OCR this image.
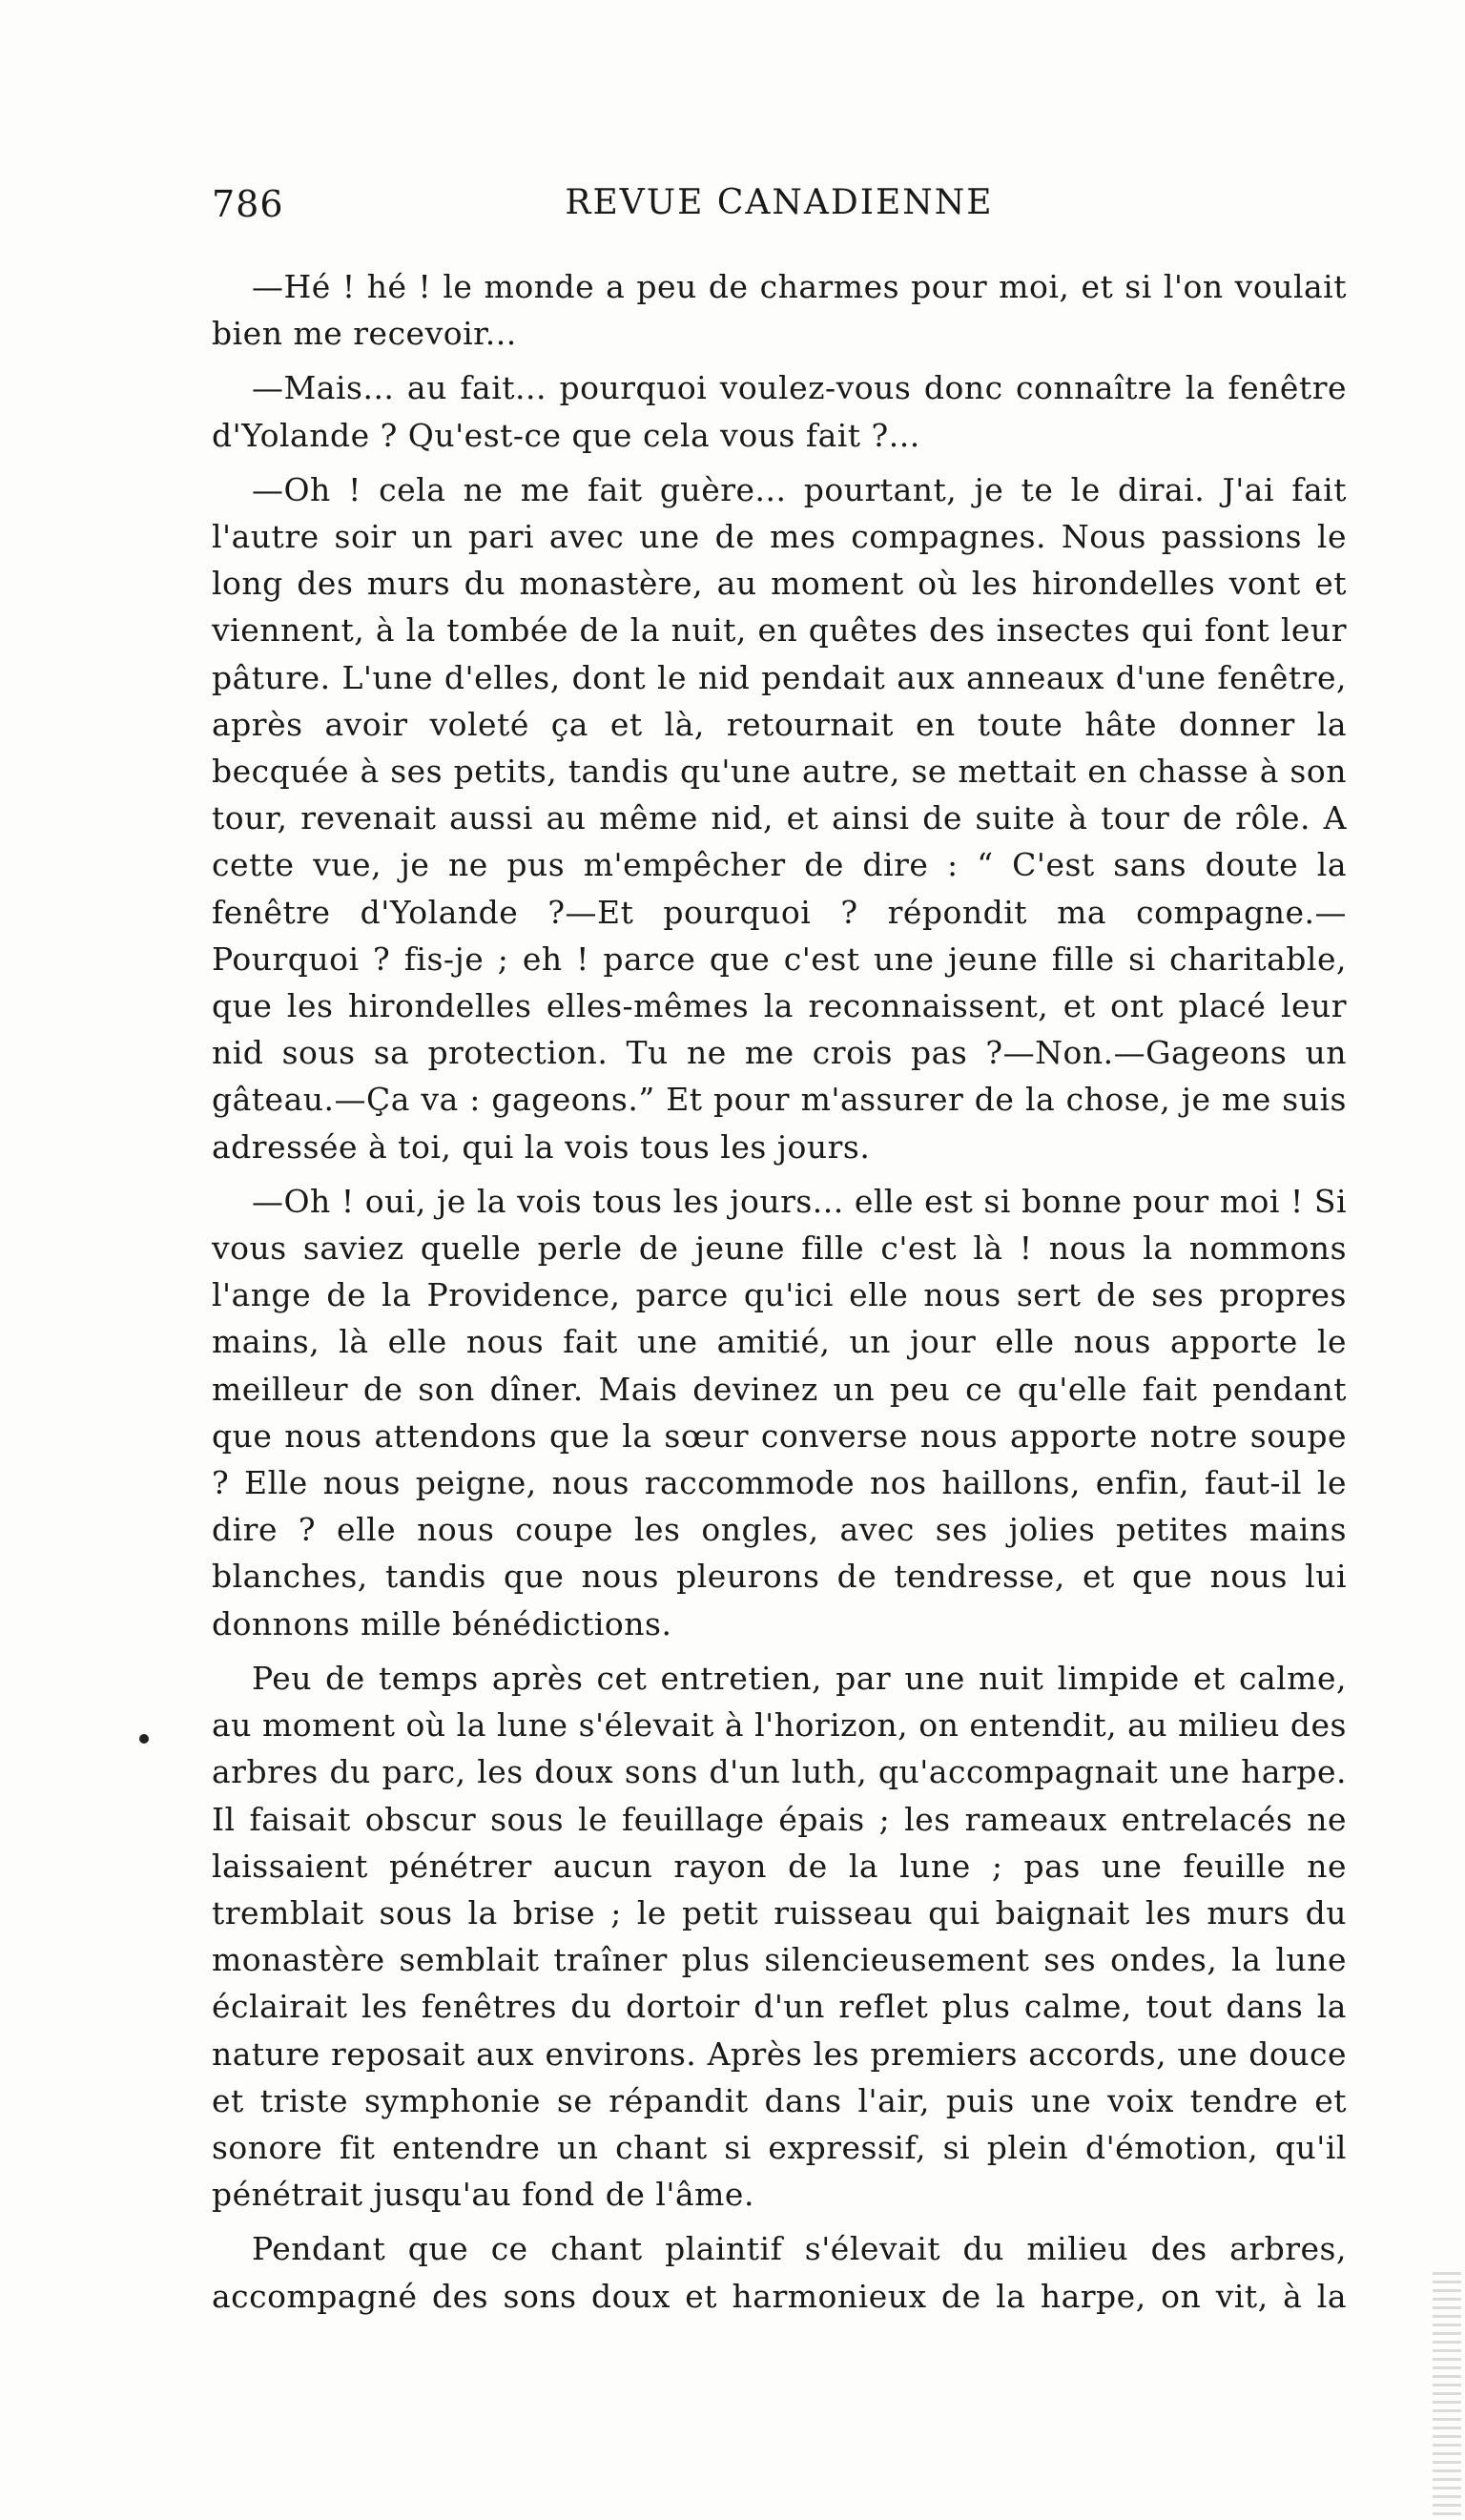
786	REVUE CANADIENNE

—Hé ! hé ! le monde a peu de charmes pour moi, et si l'on voulait bien me recevoir...

—Mais... au fait... pourquoi voulez-vous donc connaître la fenêtre d'Yolande ? Qu'est-ce que cela vous fait ?...

—Oh ! cela ne me fait guère... pourtant, je te le dirai. J'ai fait l'autre soir un pari avec une de mes compagnes. Nous passions le long des murs du monastère, au moment où les hirondelles vont et viennent, à la tombée de la nuit, en quêtes des insectes qui font leur pâture. L'une d'elles, dont le nid pendait aux anneaux d'une fenêtre, après avoir voleté ça et là, retournait en toute hâte donner la becquée à ses petits, tandis qu'une autre, se mettait en chasse à son tour, revenait aussi au même nid, et ainsi de suite à tour de rôle. A cette vue, je ne pus m'empêcher de dire : “ C'est sans doute la fenêtre d'Yolande ?—Et pourquoi ? répondit ma compagne.—Pourquoi ? fis-je ; eh ! parce que c'est une jeune fille si charitable, que les hirondelles elles-mêmes la reconnaissent, et ont placé leur nid sous sa protection. Tu ne me crois pas ?—Non.—Gageons un gâteau.—Ça va : gageons.” Et pour m'assurer de la chose, je me suis adressée à toi, qui la vois tous les jours.

—Oh ! oui, je la vois tous les jours... elle est si bonne pour moi ! Si vous saviez quelle perle de jeune fille c'est là ! nous la nommons l'ange de la Providence, parce qu'ici elle nous sert de ses propres mains, là elle nous fait une amitié, un jour elle nous apporte le meilleur de son dîner. Mais devinez un peu ce qu'elle fait pendant que nous attendons que la sœur converse nous apporte notre soupe ? Elle nous peigne, nous raccommode nos haillons, enfin, faut-il le dire ? elle nous coupe les ongles, avec ses jolies petites mains blanches, tandis que nous pleurons de tendresse, et que nous lui donnons mille bénédictions.

Peu de temps après cet entretien, par une nuit limpide et calme, au moment où la lune s'élevait à l'horizon, on entendit, au milieu des arbres du parc, les doux sons d'un luth, qu'accompagnait une harpe. Il faisait obscur sous le feuillage épais ; les rameaux entrelacés ne laissaient pénétrer aucun rayon de la lune ; pas une feuille ne tremblait sous la brise ; le petit ruisseau qui baignait les murs du monastère semblait traîner plus silencieusement ses ondes, la lune éclairait les fenêtres du dortoir d'un reflet plus calme, tout dans la nature reposait aux environs. Après les premiers accords, une douce et triste symphonie se répandit dans l'air, puis une voix tendre et sonore fit entendre un chant si expressif, si plein d'émotion, qu'il pénétrait jusqu'au fond de l'âme.

Pendant que ce chant plaintif s'élevait du milieu des arbres, accompagné des sons doux et harmonieux de la harpe, on vit, à la
